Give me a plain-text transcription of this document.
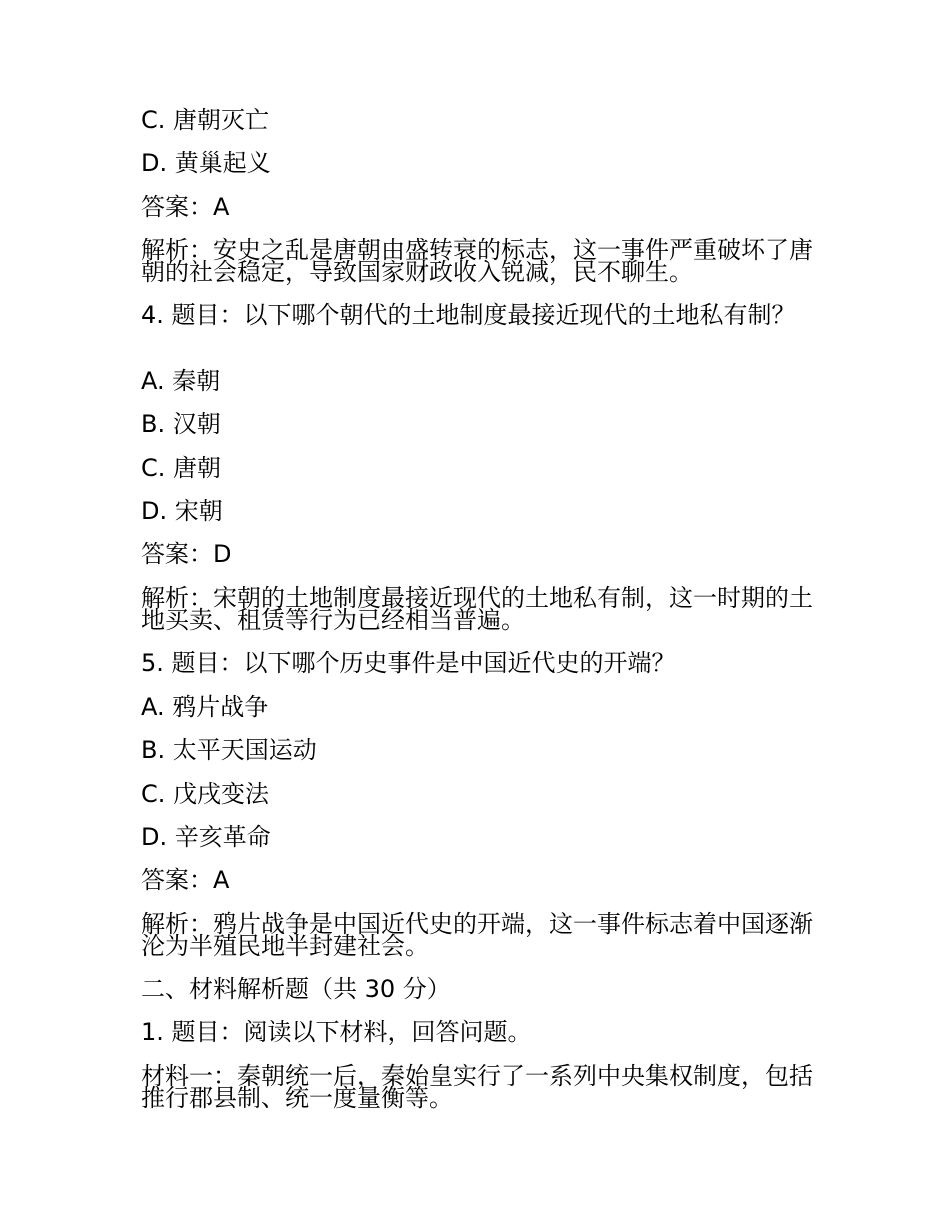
C. 唐朝灭亡
D. 黄巢起义
答案：A
解析：安史之乱是唐朝由盛转衰的标志，这一事件严重破坏了唐朝的社会稳定，导致国家财政收入锐减，民不聊生。
4. 题目：以下哪个朝代的土地制度最接近现代的土地私有制？
A. 秦朝
B. 汉朝
C. 唐朝
D. 宋朝
答案：D
解析：宋朝的土地制度最接近现代的土地私有制，这一时期的土地买卖、租赁等行为已经相当普遍。
5. 题目：以下哪个历史事件是中国近代史的开端？
A. 鸦片战争
B. 太平天国运动
C. 戊戌变法
D. 辛亥革命
答案：A
解析：鸦片战争是中国近代史的开端，这一事件标志着中国逐渐沦为半殖民地半封建社会。
二、材料解析题（共 30 分）
1. 题目：阅读以下材料，回答问题。
材料一：秦朝统一后，秦始皇实行了一系列中央集权制度，包括推行郡县制、统一度量衡等。
